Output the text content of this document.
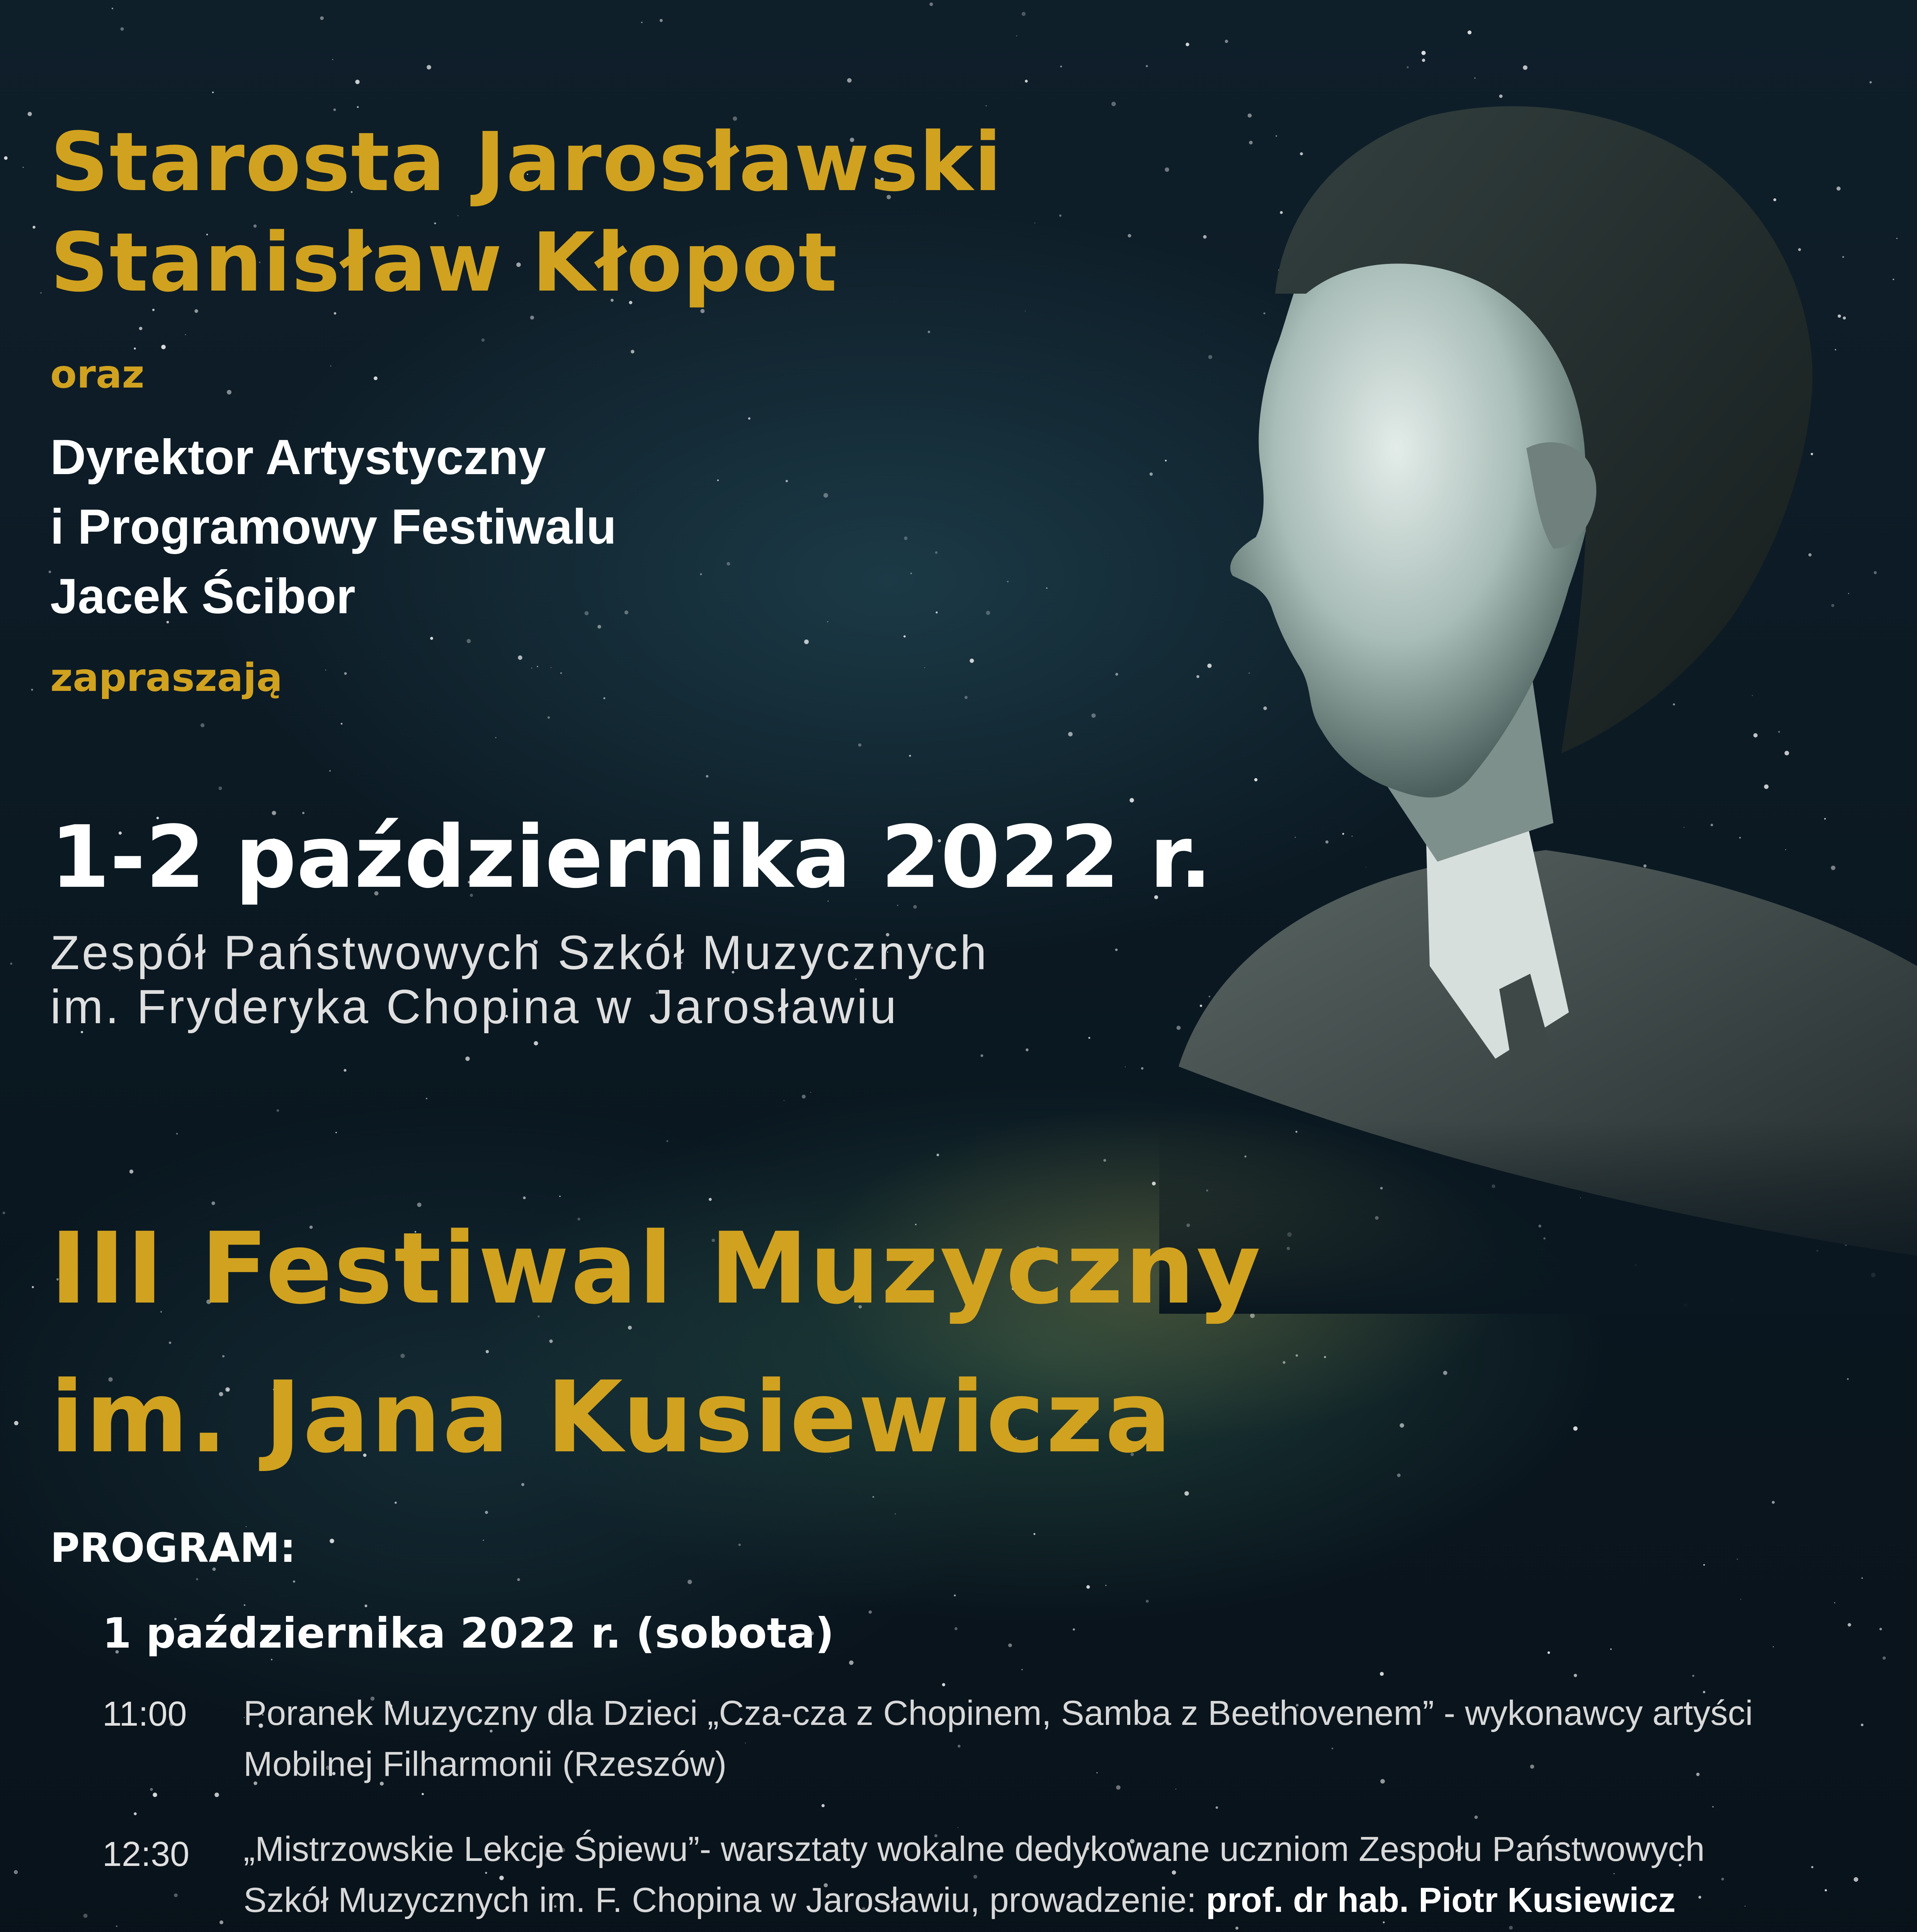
Starosta Jarosławski
Stanisław Kłopot
oraz
Dyrektor Artystyczny
i Programowy Festiwalu
Jacek Ścibor
zapraszają
1-2 października 2022 r.
Zespół Państwowych Szkół Muzycznych
im. Fryderyka Chopina w Jarosławiu
III Festiwal Muzyczny
im. Jana Kusiewicza
PROGRAM:
1 października 2022 r. (sobota)
11:00 Poranek Muzyczny dla Dzieci „Cza-cza z Chopinem, Samba z Beethovenem” - wykonawcy artyści
Mobilnej Filharmonii (Rzeszów)
12:30 „Mistrzowskie Lekcje Śpiewu”- warsztaty wokalne dedykowane uczniom Zespołu Państwowych
Szkół Muzycznych im. F. Chopina w Jarosławiu, prowadzenie: prof. dr hab. Piotr Kusiewicz
